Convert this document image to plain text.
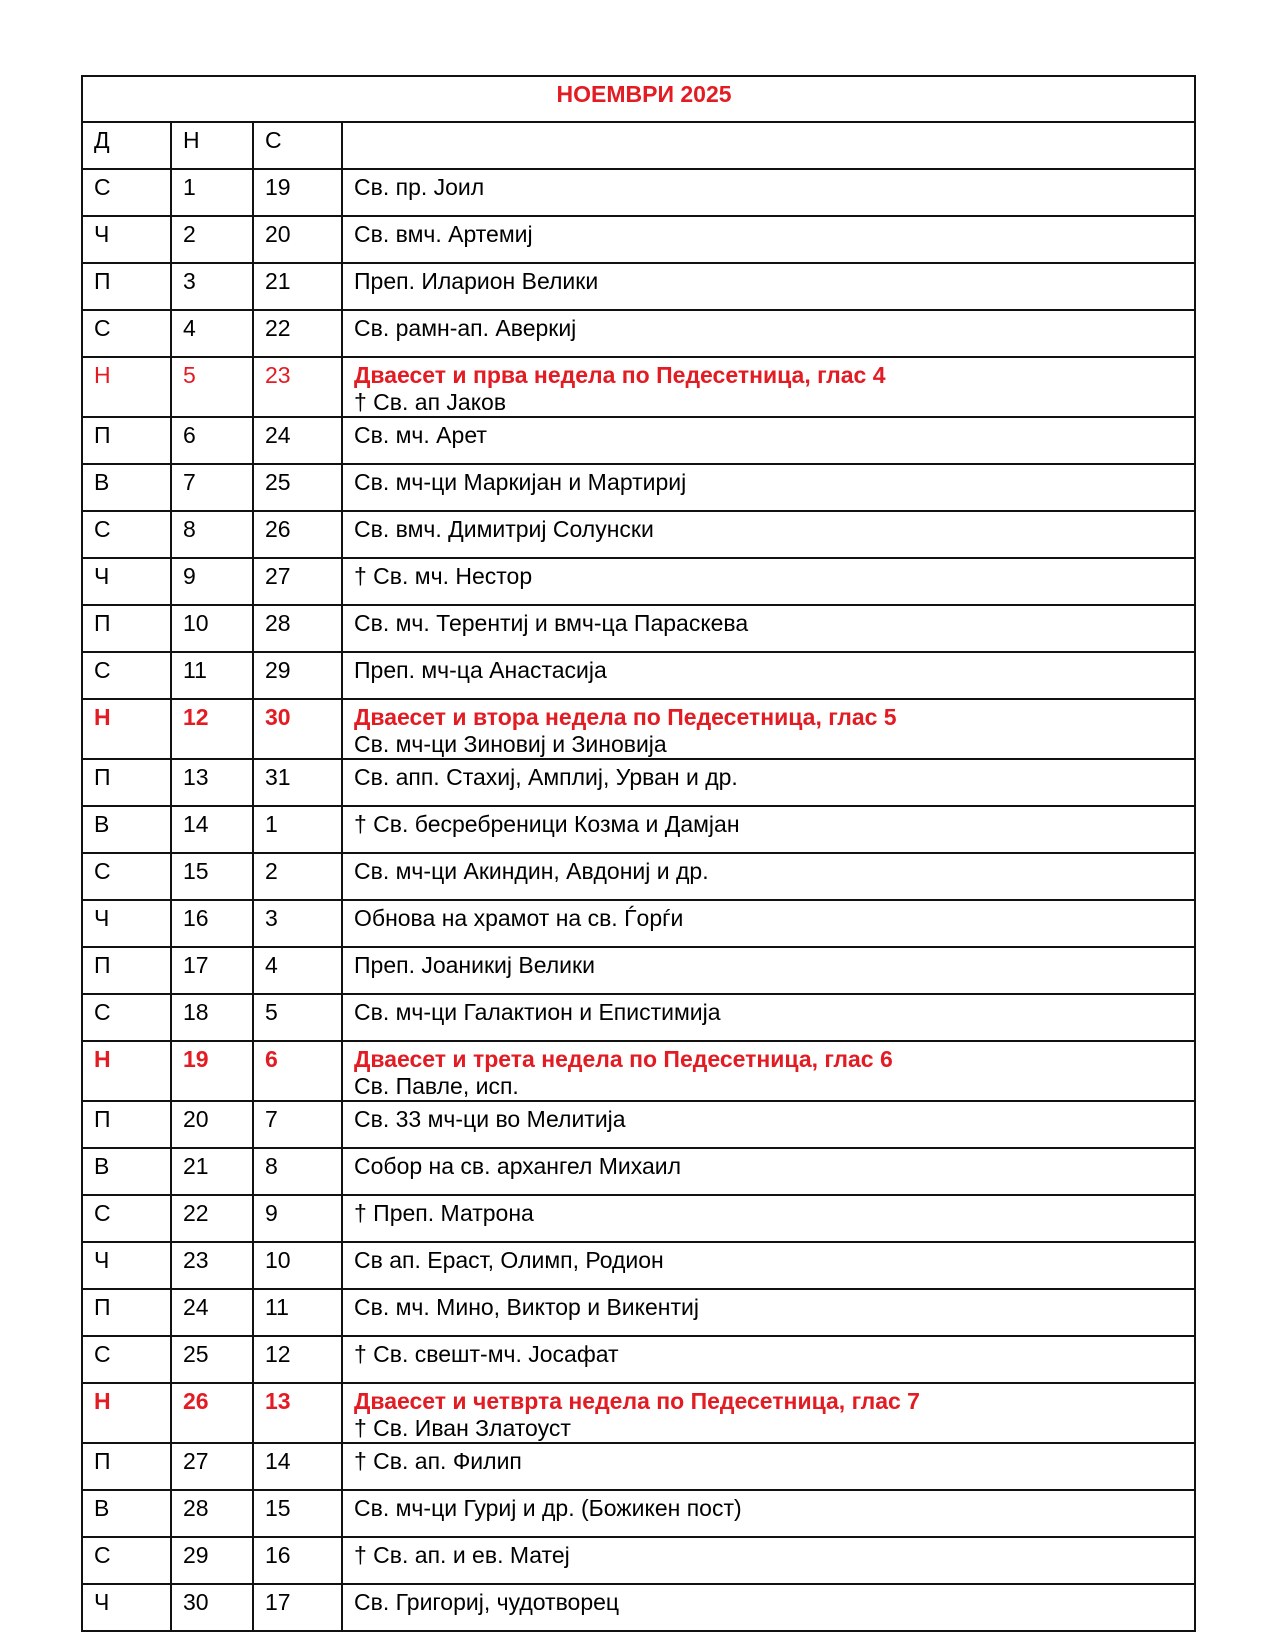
НОЕМВРИ 2025			
Д	Н	С	
С	1	19	Св. пр. Јоил

Ч	2	20	Св. вмч. Артемиј

П	3	21	Преп. Иларион Велики

С	4	22	Св. рамн-ап. Аверкиј

Н	5	23	Дваесет и прва недела по Педесетница, глас 4
† Св. ап Јаков

П	6	24	Св. мч. Арет

В	7	25	Св. мч-ци Маркијан и Мартириј

С	8	26	Св. вмч. Димитриј Солунски

Ч	9	27	† Св. мч. Нестор

П	10	28	Св. мч. Терентиј и вмч-ца Параскева

С	11	29	Преп. мч-ца Анастасија

Н	12	30	Дваесет и втора недела по Педесетница, глас 5
Св. мч-ци Зиновиј и Зиновија

П	13	31	Св. апп. Стахиј, Амплиј, Урван и др.

В	14	1	† Св. бесребреници Козма и Дамјан

С	15	2	Св. мч-ци Акиндин, Авдониј и др.

Ч	16	3	Обнова на храмот на св. Ѓорѓи

П	17	4	Преп. Јоаникиј Велики

С	18	5	Св. мч-ци Галактион и Епистимија

Н	19	6	Дваесет и трета недела по Педесетница, глас 6
Св. Павле, исп.

П	20	7	Св. 33 мч-ци во Мелитија

В	21	8	Собор на св. архангел Михаил

С	22	9	† Преп. Матрона

Ч	23	10	Св ап. Ераст, Олимп, Родион

П	24	11	Св. мч. Мино, Виктор и Викентиј

С	25	12	† Св. свешт-мч. Јосафат

Н	26	13	Дваесет и четврта недела по Педесетница, глас 7
† Св. Иван Златоуст

П	27	14	† Св. ап. Филип

В	28	15	Св. мч-ци Гуриј и др. (Божикен пост)

С	29	16	† Св. ап. и ев. Матеј

Ч	30	17	Св. Григориј, чудотворец
